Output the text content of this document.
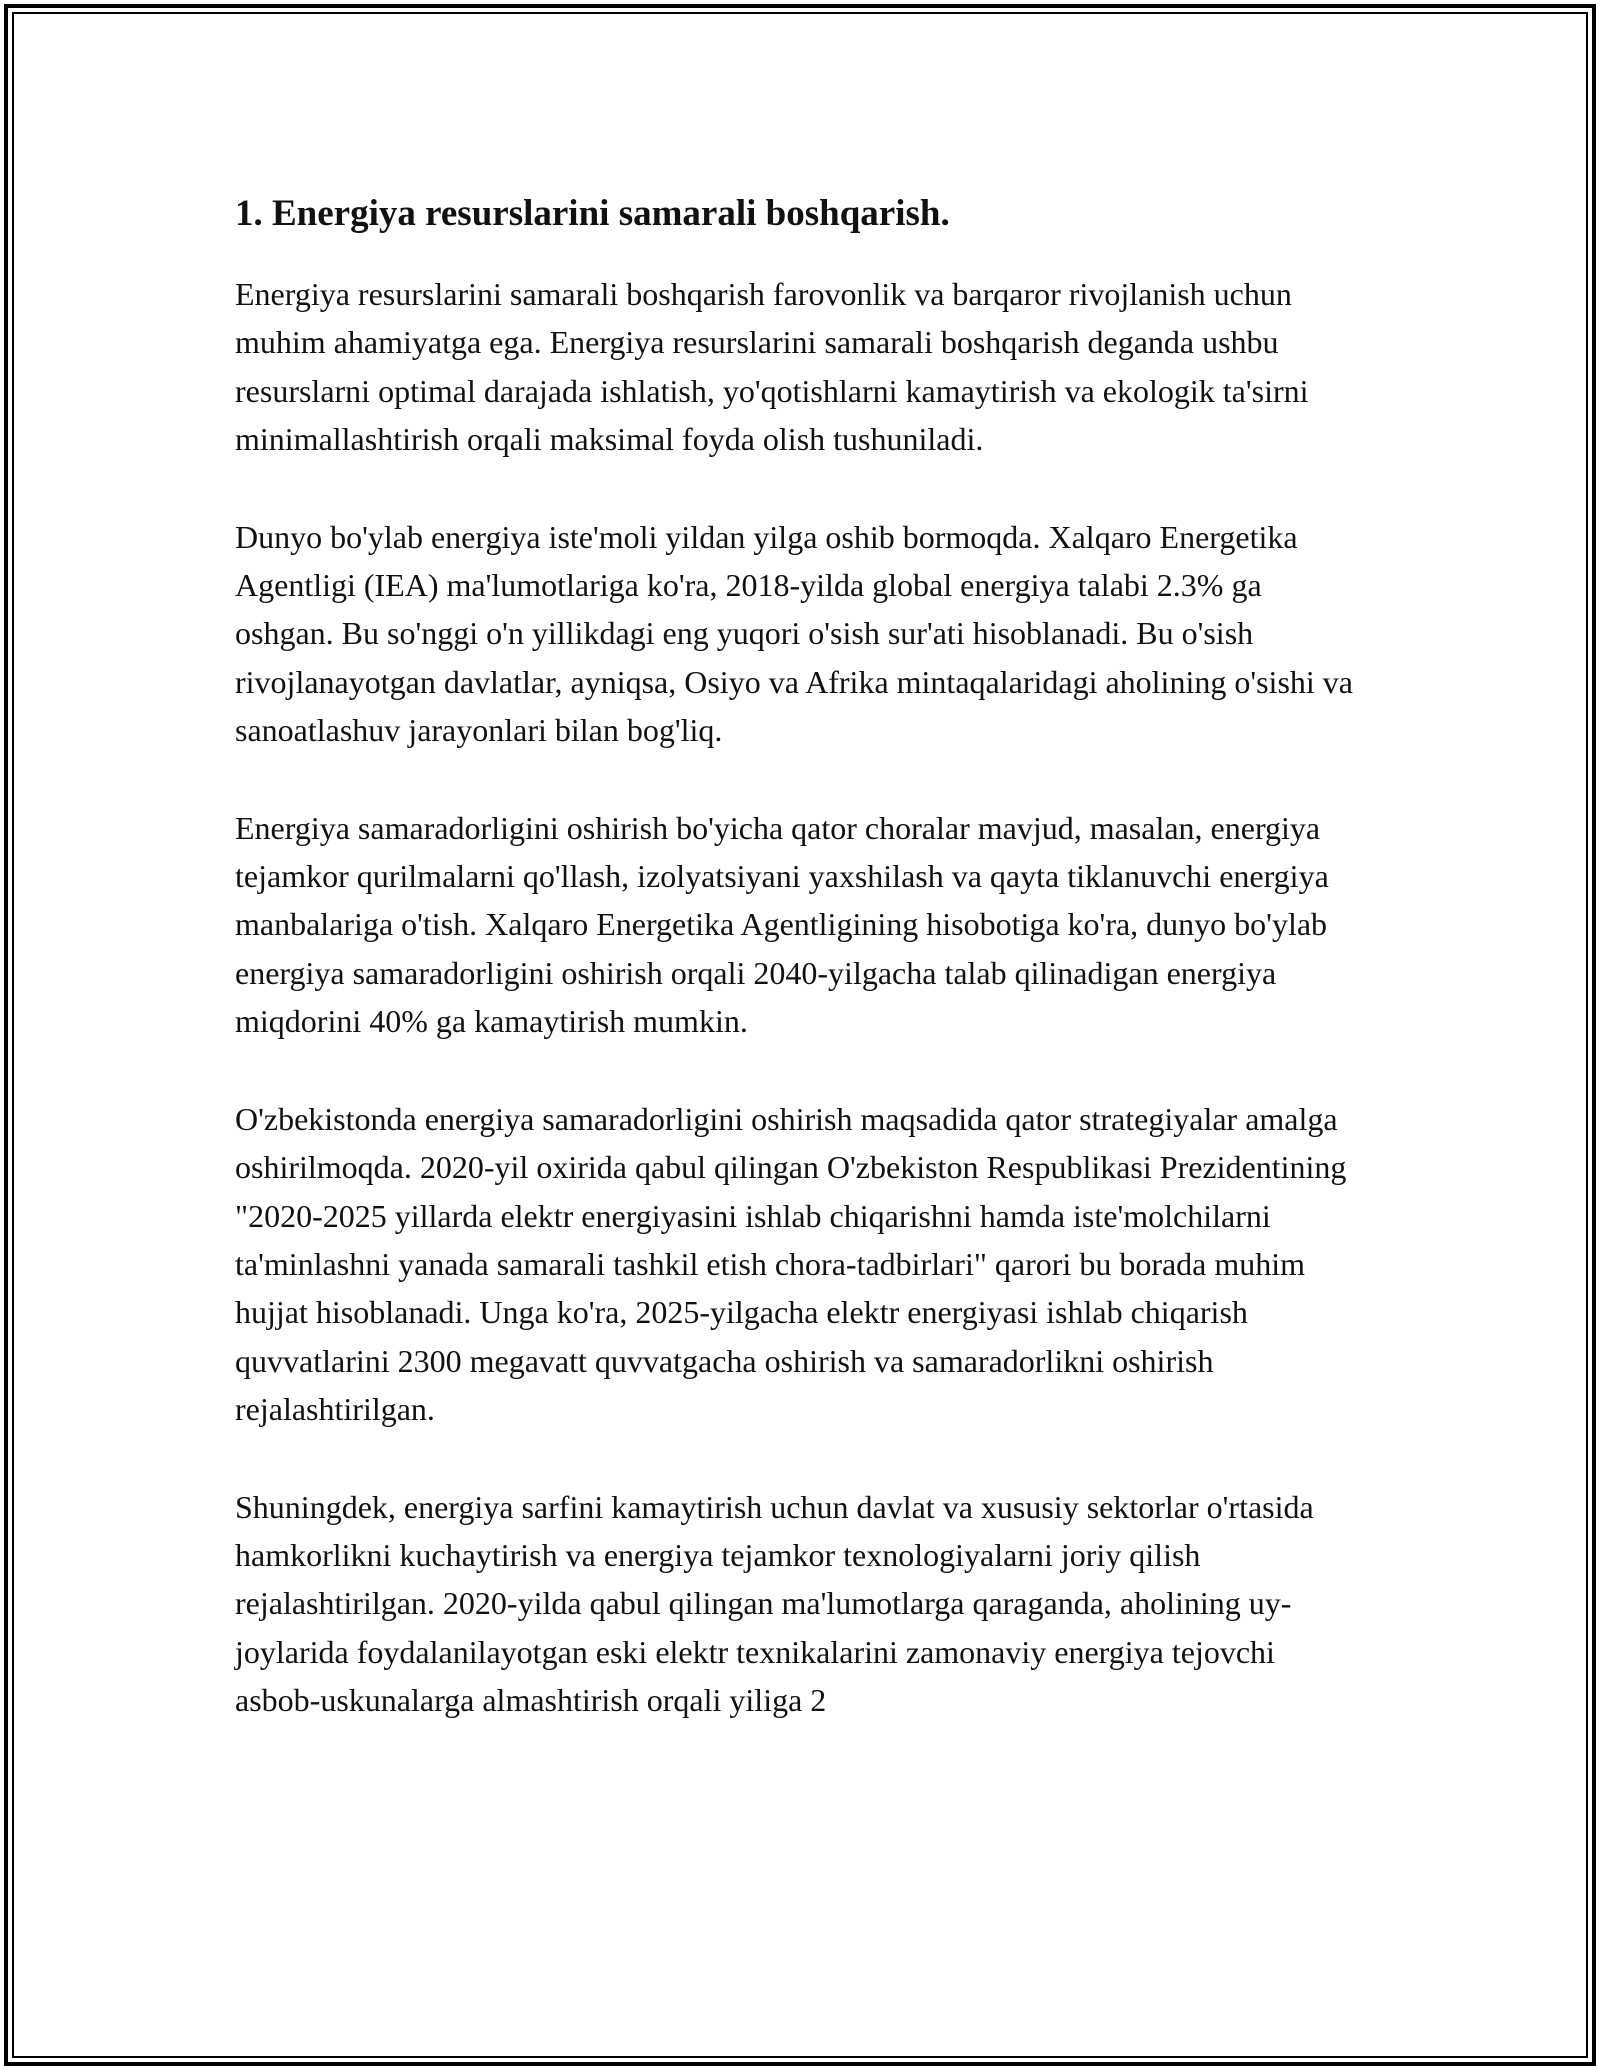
1. Energiya resurslarini samarali boshqarish.

Energiya resurslarini samarali boshqarish farovonlik va barqaror rivojlanish uchun muhim ahamiyatga ega. Energiya resurslarini samarali boshqarish deganda ushbu resurslarni optimal darajada ishlatish, yo'qotishlarni kamaytirish va ekologik ta'sirni minimallashtirish orqali maksimal foyda olish tushuniladi.

Dunyo bo'ylab energiya iste'moli yildan yilga oshib bormoqda. Xalqaro Energetika Agentligi (IEA) ma'lumotlariga ko'ra, 2018-yilda global energiya talabi 2.3% ga oshgan. Bu so'nggi o'n yillikdagi eng yuqori o'sish sur'ati hisoblanadi. Bu o'sish rivojlanayotgan davlatlar, ayniqsa, Osiyo va Afrika mintaqalaridagi aholining o'sishi va sanoatlashuv jarayonlari bilan bog'liq.

Energiya samaradorligini oshirish bo'yicha qator choralar mavjud, masalan, energiya tejamkor qurilmalarni qo'llash, izolyatsiyani yaxshilash va qayta tiklanuvchi energiya manbalariga o'tish. Xalqaro Energetika Agentligining hisobotiga ko'ra, dunyo bo'ylab energiya samaradorligini oshirish orqali 2040-yilgacha talab qilinadigan energiya miqdorini 40% ga kamaytirish mumkin.

O'zbekistonda energiya samaradorligini oshirish maqsadida qator strategiyalar amalga oshirilmoqda. 2020-yil oxirida qabul qilingan O'zbekiston Respublikasi Prezidentining "2020-2025 yillarda elektr energiyasini ishlab chiqarishni hamda iste'molchilarni ta'minlashni yanada samarali tashkil etish chora-tadbirlari" qarori bu borada muhim hujjat hisoblanadi. Unga ko'ra, 2025-yilgacha elektr energiyasi ishlab chiqarish quvvatlarini 2300 megavatt quvvatgacha oshirish va samaradorlikni oshirish rejalashtirilgan.

Shuningdek, energiya sarfini kamaytirish uchun davlat va xususiy sektorlar o'rtasida hamkorlikni kuchaytirish va energiya tejamkor texnologiyalarni joriy qilish rejalashtirilgan. 2020-yilda qabul qilingan ma'lumotlarga qaraganda, aholining uy-joylarida foydalanilayotgan eski elektr texnikalarini zamonaviy energiya tejovchi asbob-uskunalarga almashtirish orqali yiliga 2
